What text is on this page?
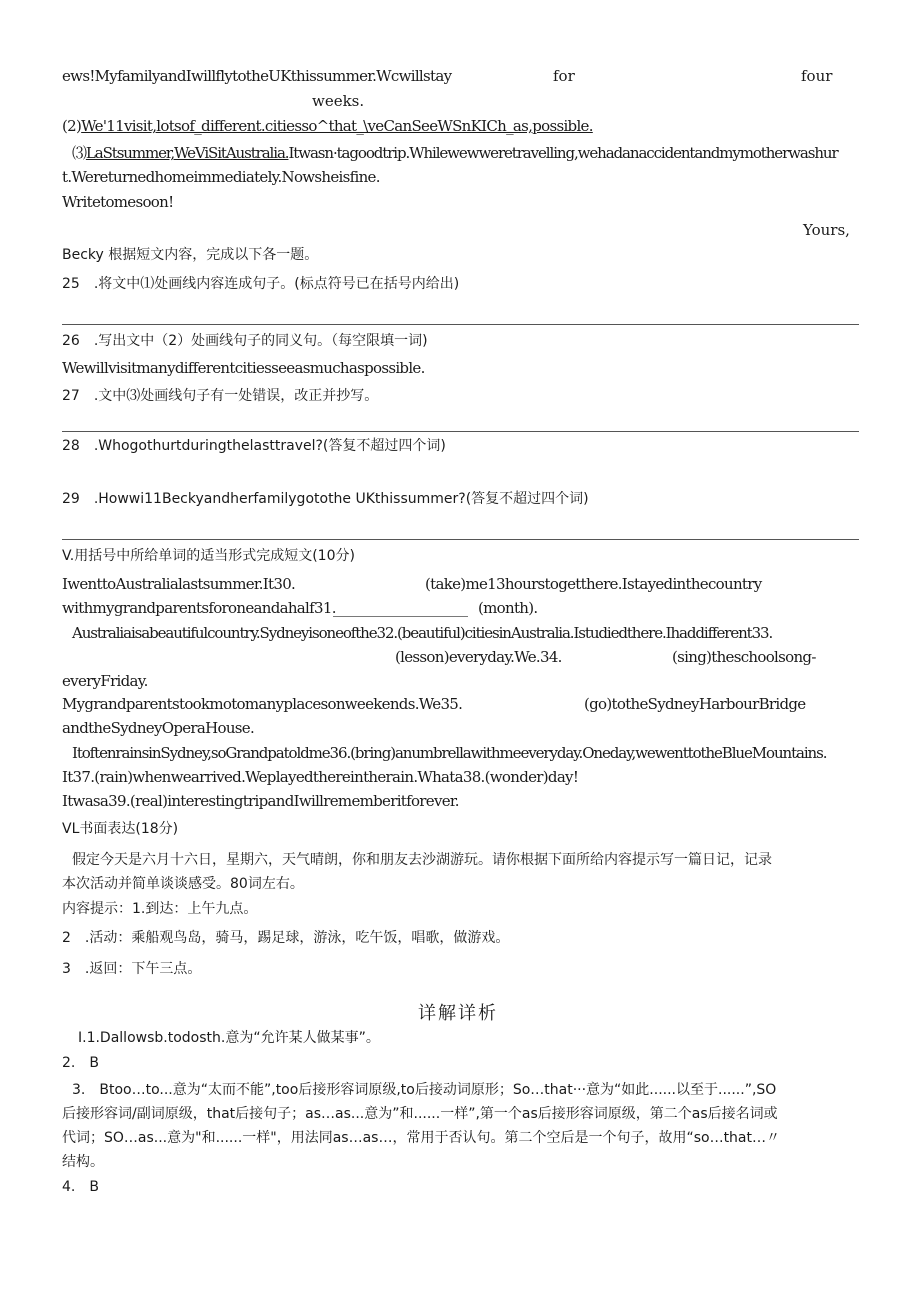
ews!MyfamilyandIwillflytotheUKthissummer.Wcwillstay	for	four
weeks.
(2)We'11visit,lotsof_different.citiesso^that_\veCanSeeWSnKICh_as,possible.
⑶LaStsummer,WeViSitAustralia.Itwasn·tagoodtrip.Whilewewweretravelling,wehadanaccidentandmymotherwashur
t.Wereturnedhomeimmediately.Nowsheisfine.
Writetomesoon!
Yours,
Becky 根据短文内容，完成以下各一题。
25　.将文中⑴处画线内容连成句子。(标点符号已在括号内给出)
26　.写出文中（2）处画线句子的同义句。（每空限填一词)
Wewillvisitmanydifferentcitiesseeasmuchaspossible.
27　.文中⑶处画线句子有一处错误，改正并抄写。
28　.Whogothurtduringthelasttravel?(答复不超过四个词)
29　.Howwi11Beckyandherfamilygotothe UKthissummer?(答复不超过四个词)
V.用括号中所给单词的适当形式完成短文(10分)
IwenttoAustralialastsummer.It30.	(take)me13hourstogetthere.Istayedinthecountry
withmygrandparentsforoneandahalf31.
__________________ (month).
Australiaisabeautifulcountry.Sydneyisoneofthe32.(beautiful)citiesinAustralia.Istudiedthere.Ihaddifferent33.
(lesson)everyday.We.34.	(sing)theschoolsong-
everyFriday.
Mygrandparentstookmotomanyplacesonweekends.We35.	(go)totheSydneyHarbourBridge
andtheSydneyOperaHouse.
ItoftenrainsinSydney,soGrandpatoldme36.(bring)anumbrellawithmeeveryday.Oneday,wewenttotheBlueMountains.
It37.(rain)whenwearrived.Weplayedthereintherain.Whata38.(wonder)day!
Itwasa39.(real)interestingtripandIwillrememberitforever.
VL书面表达(18分)
假定今天是六月十六日，星期六，天气晴朗，你和朋友去沙湖游玩。请你根据下面所给内容提示写一篇日记，记录
本次活动并简单谈谈感受。80词左右。
内容提示：1.到达：上午九点。
2　.活动：乘船观鸟岛，骑马，踢足球，游泳，吃午饭，唱歌，做游戏。
3　.返回：下午三点。
详解详析
I.1.Dallowsb.todosth.意为“允许某人做某事”。
2.　B
3.　Btoo…to...意为“太而不能”,too后接形容词原级,to后接动词原形；So…that···意为“如此......以至于......”,SO
后接形容词/副词原级，that后接句子；as…as...意为”和......一样”,第一个as后接形容词原级，第二个as后接名词或
代词；SO…as...意为"和......一样"，用法同as…as…，常用于否认句。第二个空后是一个句子，故用“so…that…〃
结构。
4.　B
